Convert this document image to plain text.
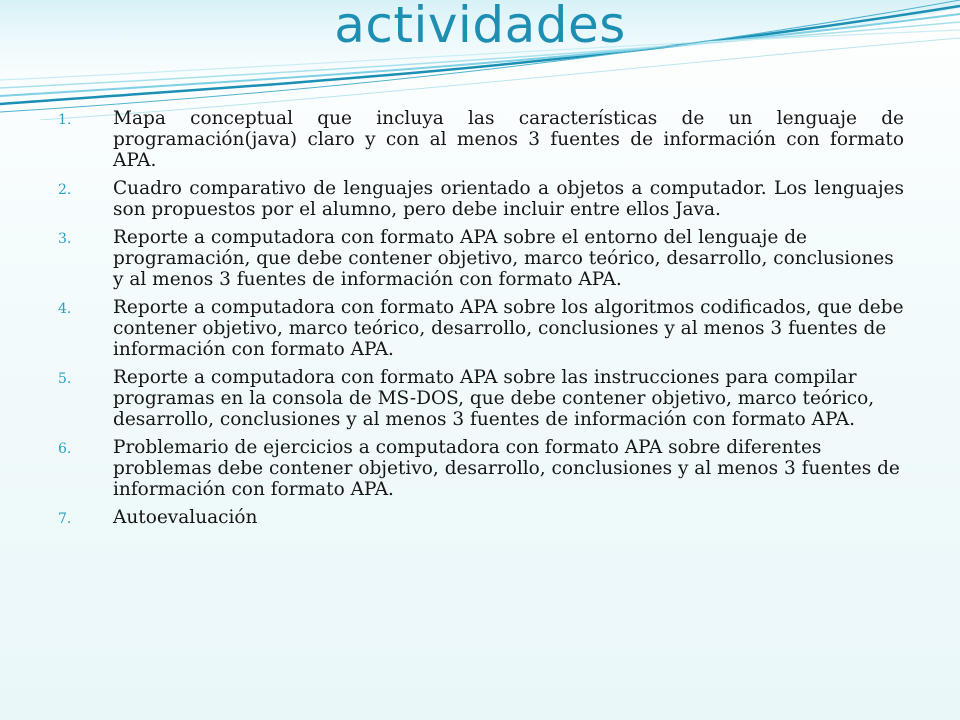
actividades
1. Mapa conceptual que incluya las características de un lenguaje de programación(java) claro y con al menos 3 fuentes de información con formato APA.
2. Cuadro comparativo de lenguajes orientado a objetos a computador. Los lenguajes son propuestos por el alumno, pero debe incluir entre ellos Java.
3. Reporte a computadora con formato APA sobre el entorno del lenguaje de programación, que debe contener objetivo, marco teórico, desarrollo, conclusiones y al menos 3 fuentes de información con formato APA.
4. Reporte a computadora con formato APA sobre los algoritmos codificados, que debe contener objetivo, marco teórico, desarrollo, conclusiones y al menos 3 fuentes de información con formato APA.
5. Reporte a computadora con formato APA sobre las instrucciones para compilar programas en la consola de MS-DOS, que debe contener objetivo, marco teórico, desarrollo, conclusiones y al menos 3 fuentes de información con formato APA.
6. Problemario de ejercicios a computadora con formato APA sobre diferentes problemas debe contener objetivo, desarrollo, conclusiones y al menos 3 fuentes de información con formato APA.
7. Autoevaluación
